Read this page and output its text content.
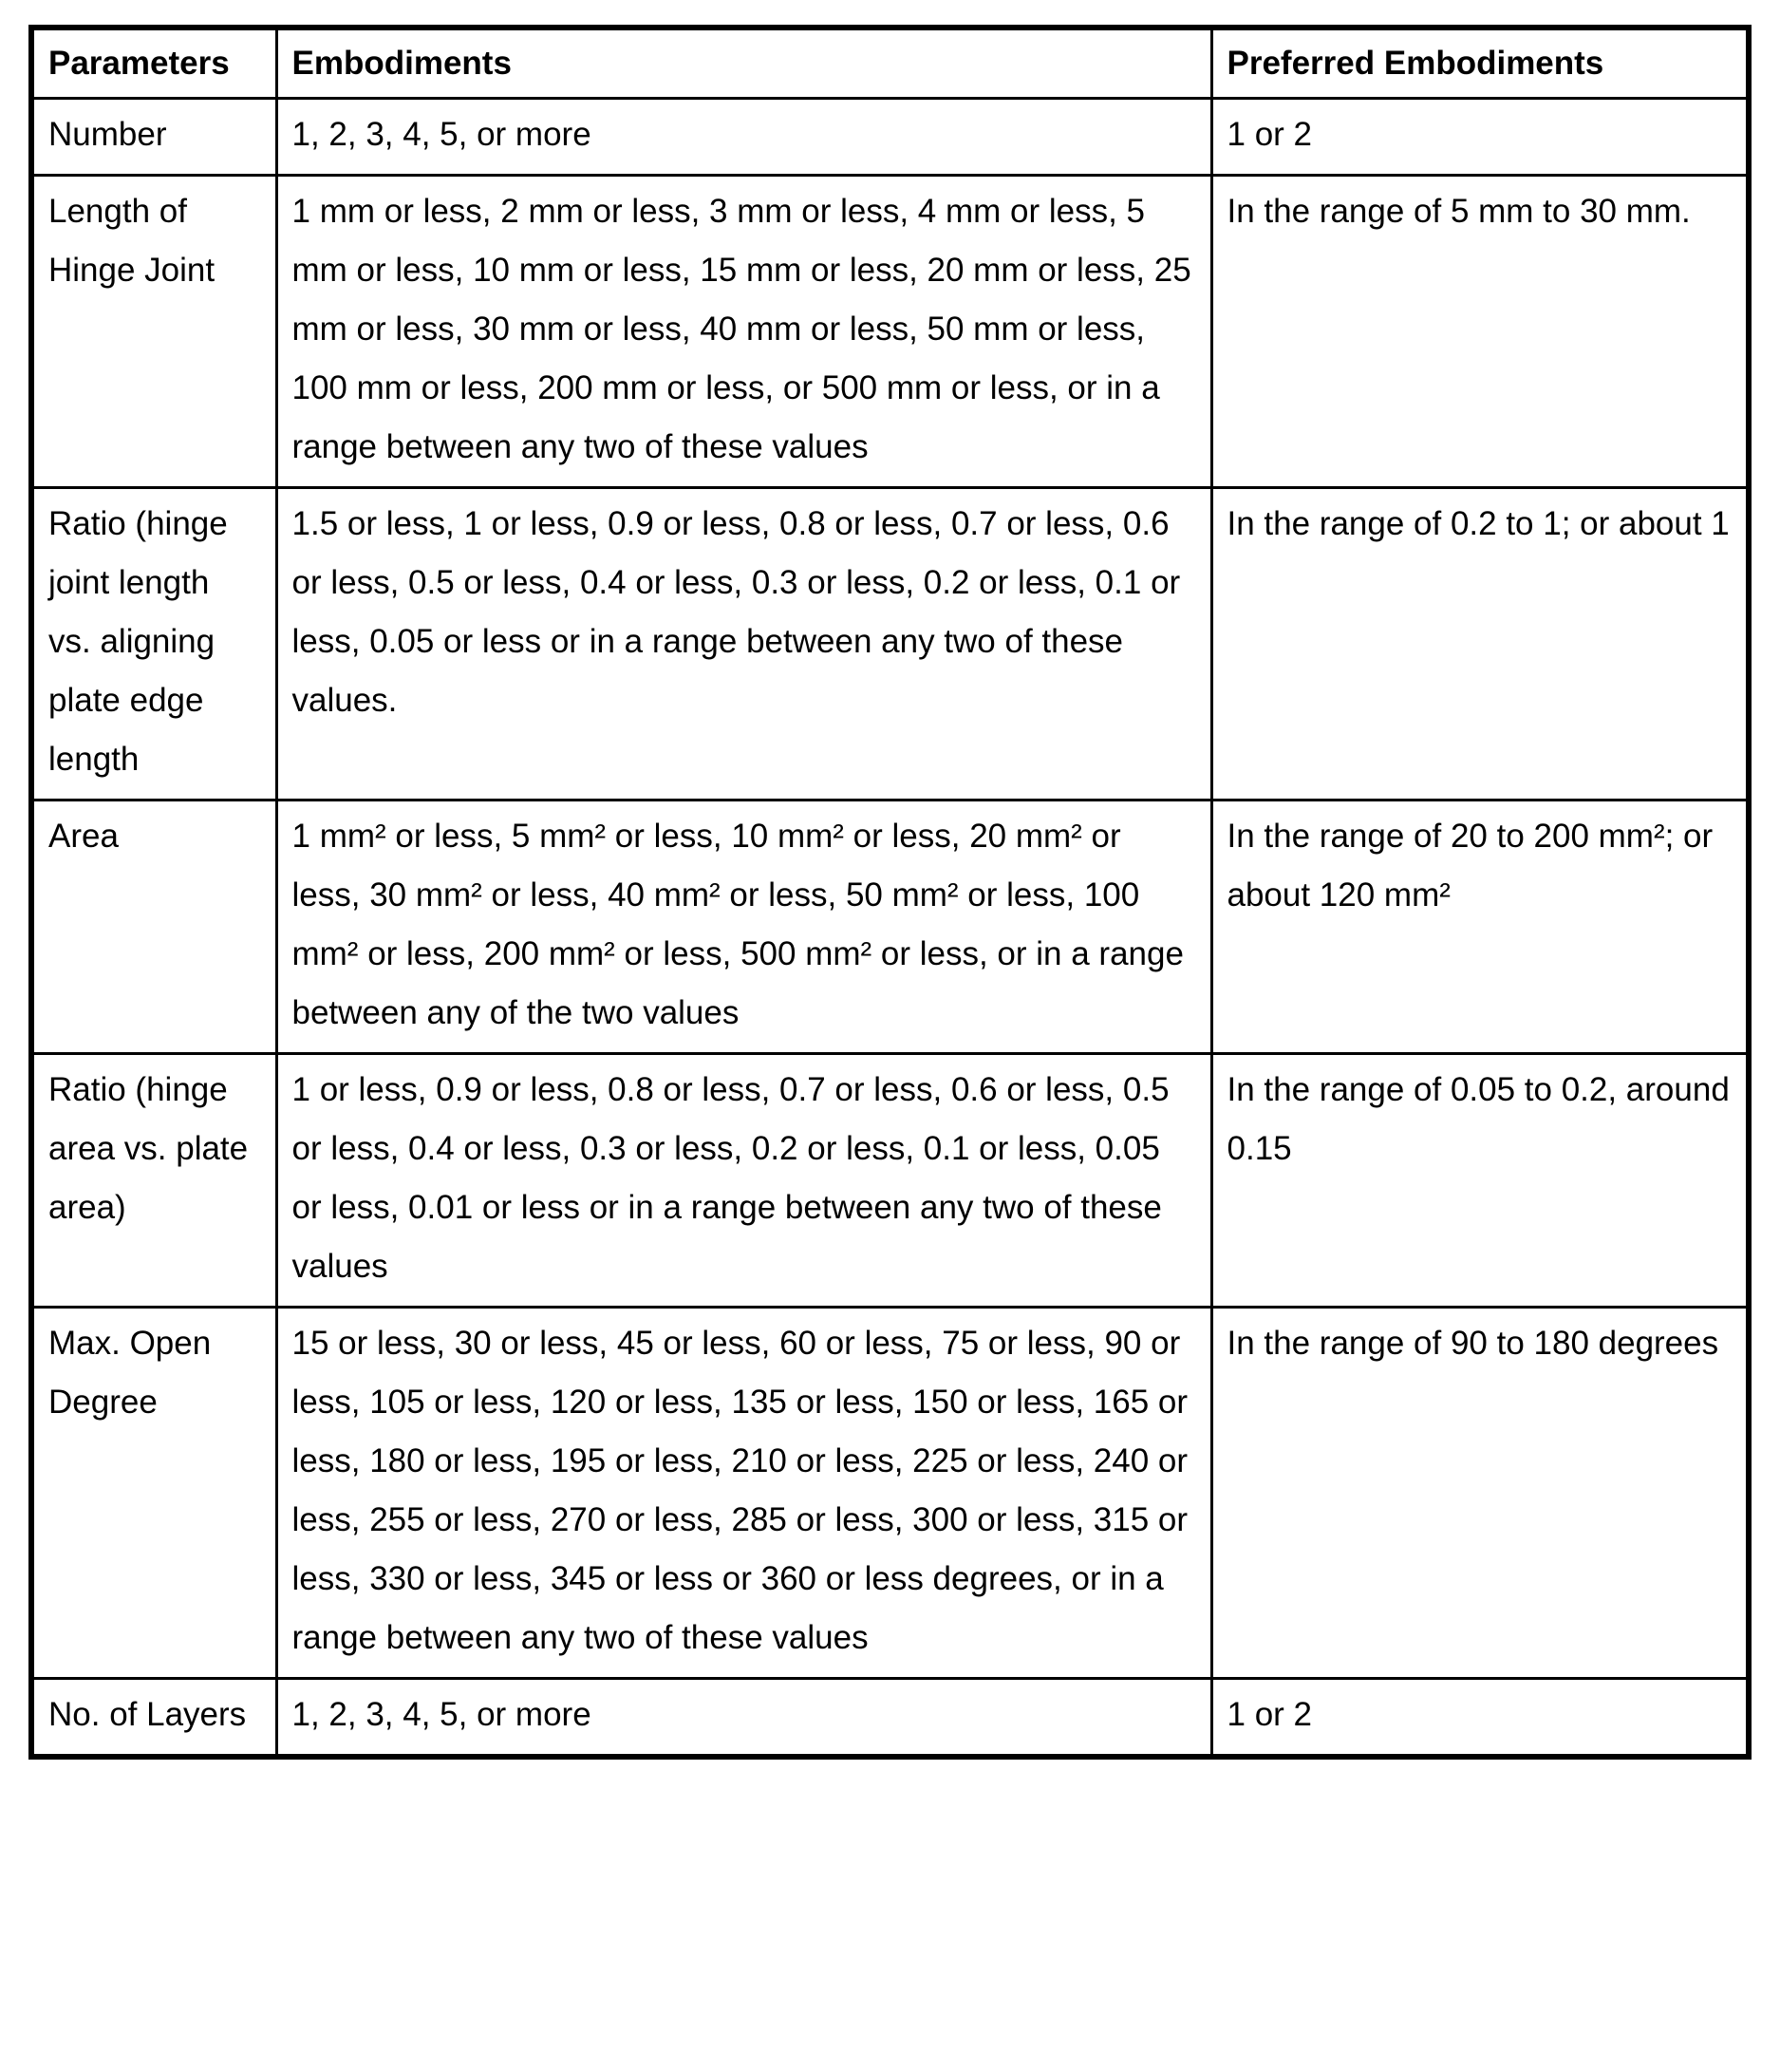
Parameters	Embodiments	Preferred Embodiments
Number	1, 2, 3, 4, 5, or more	1 or 2
Length of Hinge Joint	1 mm or less, 2 mm or less, 3 mm or less, 4 mm or less, 5 mm or less, 10 mm or less, 15 mm or less, 20 mm or less, 25 mm or less, 30 mm or less, 40 mm or less, 50 mm or less, 100 mm or less, 200 mm or less, or 500 mm or less, or in a range between any two of these values	In the range of 5 mm to 30 mm.
Ratio (hinge joint length vs. aligning plate edge length	1.5 or less, 1 or less, 0.9 or less, 0.8 or less, 0.7 or less, 0.6 or less, 0.5 or less, 0.4 or less, 0.3 or less, 0.2 or less, 0.1 or less, 0.05 or less or in a range between any two of these values.	In the range of 0.2 to 1; or about 1
Area	1 mm² or less, 5 mm² or less, 10 mm² or less, 20 mm² or less, 30 mm² or less, 40 mm² or less, 50 mm² or less, 100 mm² or less, 200 mm² or less, 500 mm² or less, or in a range between any of the two values	In the range of 20 to 200 mm²; or about 120 mm²
Ratio (hinge area vs. plate area)	1 or less, 0.9 or less, 0.8 or less, 0.7 or less, 0.6 or less, 0.5 or less, 0.4 or less, 0.3 or less, 0.2 or less, 0.1 or less, 0.05 or less, 0.01 or less or in a range between any two of these values	In the range of 0.05 to 0.2, around 0.15
Max. Open Degree	15 or less, 30 or less, 45 or less, 60 or less, 75 or less, 90 or less, 105 or less, 120 or less, 135 or less, 150 or less, 165 or less, 180 or less, 195 or less, 210 or less, 225 or less, 240 or less, 255 or less, 270 or less, 285 or less, 300 or less, 315 or less, 330 or less, 345 or less or 360 or less degrees, or in a range between any two of these values	In the range of 90 to 180 degrees
No. of Layers	1, 2, 3, 4, 5, or more	1 or 2
